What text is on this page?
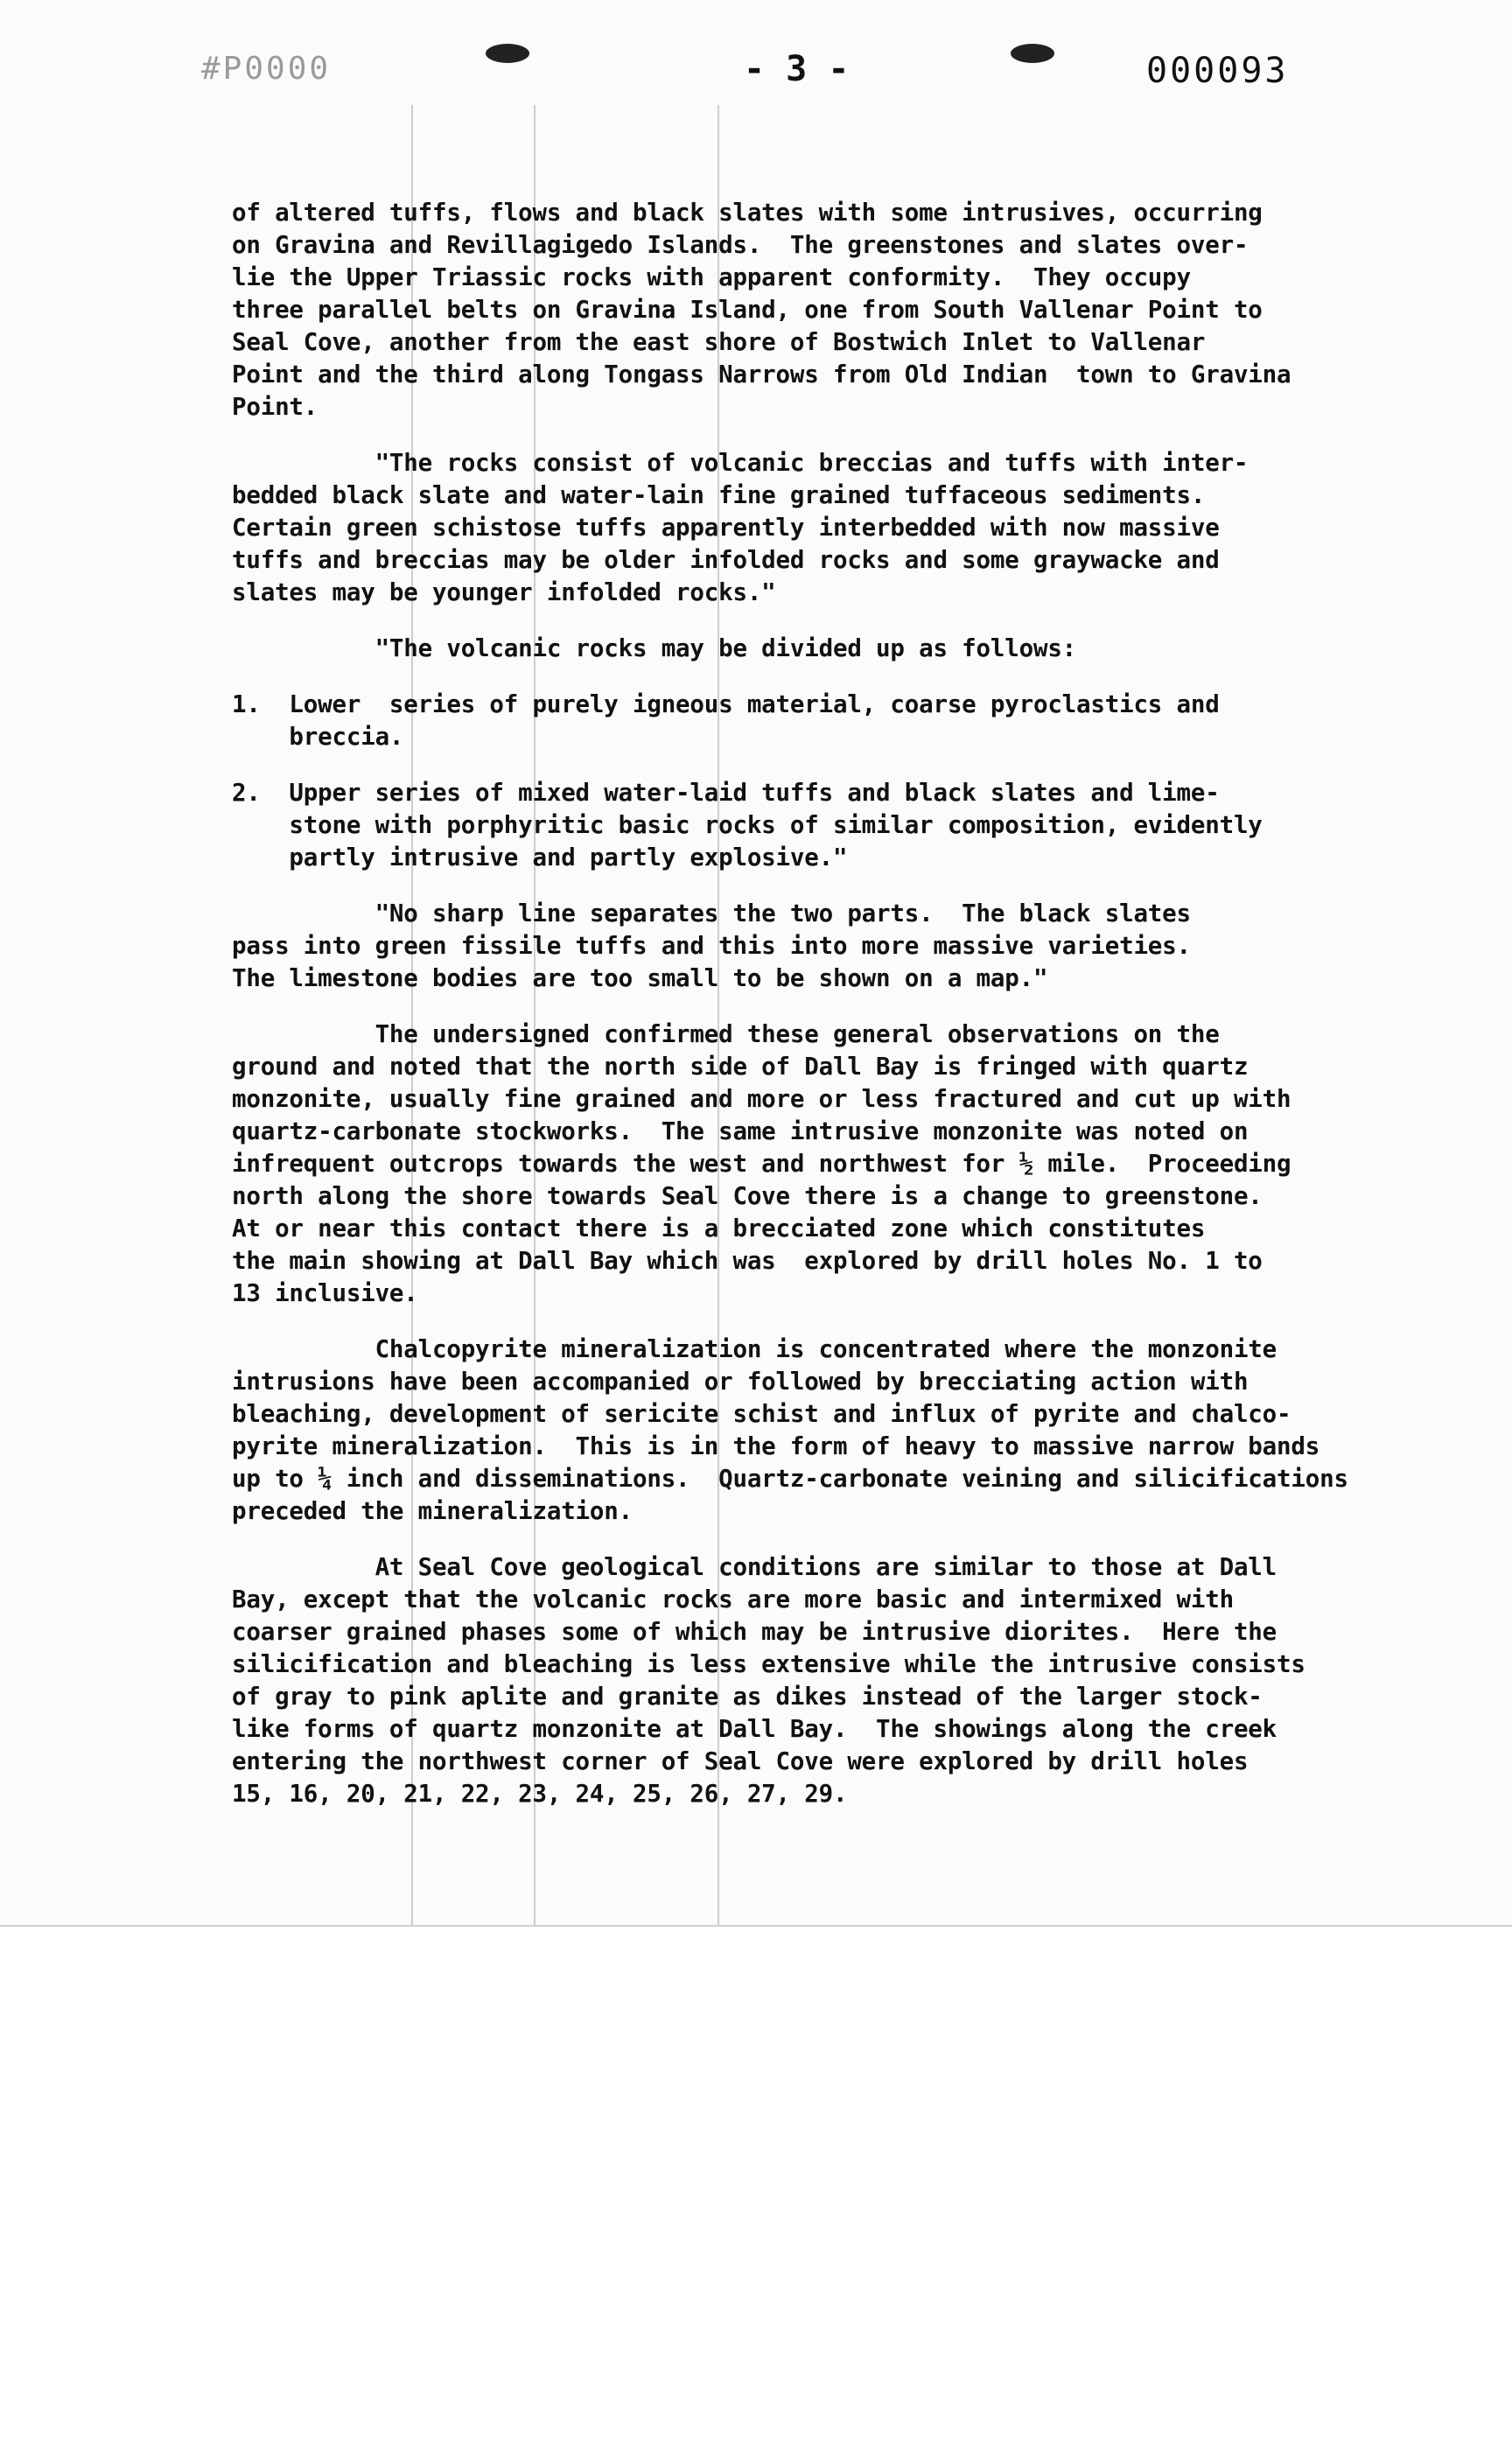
#P0000	- 3 -	000093
of altered tuffs, flows and black slates with some intrusives, occurring
on Gravina and Revillagigedo Islands.  The greenstones and slates over-
lie the Upper Triassic rocks with apparent conformity.  They occupy
three parallel belts on Gravina Island, one from South Vallenar Point to
Seal Cove, another from the east shore of Bostwich Inlet to Vallenar
Point and the third along Tongass Narrows from Old Indian  town to Gravina
Point.
"The rocks consist of volcanic breccias and tuffs with inter-
bedded black slate and water-lain fine grained tuffaceous sediments.
Certain green schistose tuffs apparently interbedded with now massive
tuffs and breccias may be older infolded rocks and some graywacke and
slates may be younger infolded rocks."
"The volcanic rocks may be divided up as follows:
1.  Lower  series of purely igneous material, coarse pyroclastics and
breccia.
2.  Upper series of mixed water-laid tuffs and black slates and lime-
stone with porphyritic basic rocks of similar composition, evidently
partly intrusive and partly explosive."
"No sharp line separates the two parts.  The black slates
pass into green fissile tuffs and this into more massive varieties.
The limestone bodies are too small to be shown on a map."
The undersigned confirmed these general observations on the
ground and noted that the north side of Dall Bay is fringed with quartz
monzonite, usually fine grained and more or less fractured and cut up with
quartz-carbonate stockworks.  The same intrusive monzonite was noted on
infrequent outcrops towards the west and northwest for ½ mile.  Proceeding
north along the shore towards Seal Cove there is a change to greenstone.
At or near this contact there is a brecciated zone which constitutes
the main showing at Dall Bay which was  explored by drill holes No. 1 to
13 inclusive.
Chalcopyrite mineralization is concentrated where the monzonite
intrusions have been accompanied or followed by brecciating action with
bleaching, development of sericite schist and influx of pyrite and chalco-
pyrite mineralization.  This is in the form of heavy to massive narrow bands
up to ¼ inch and disseminations.  Quartz-carbonate veining and silicifications
preceded the mineralization.
At Seal Cove geological conditions are similar to those at Dall
Bay, except that the volcanic rocks are more basic and intermixed with
coarser grained phases some of which may be intrusive diorites.  Here the
silicification and bleaching is less extensive while the intrusive consists
of gray to pink aplite and granite as dikes instead of the larger stock-
like forms of quartz monzonite at Dall Bay.  The showings along the creek
entering the northwest corner of Seal Cove were explored by drill holes
15, 16, 20, 21, 22, 23, 24, 25, 26, 27, 29.
